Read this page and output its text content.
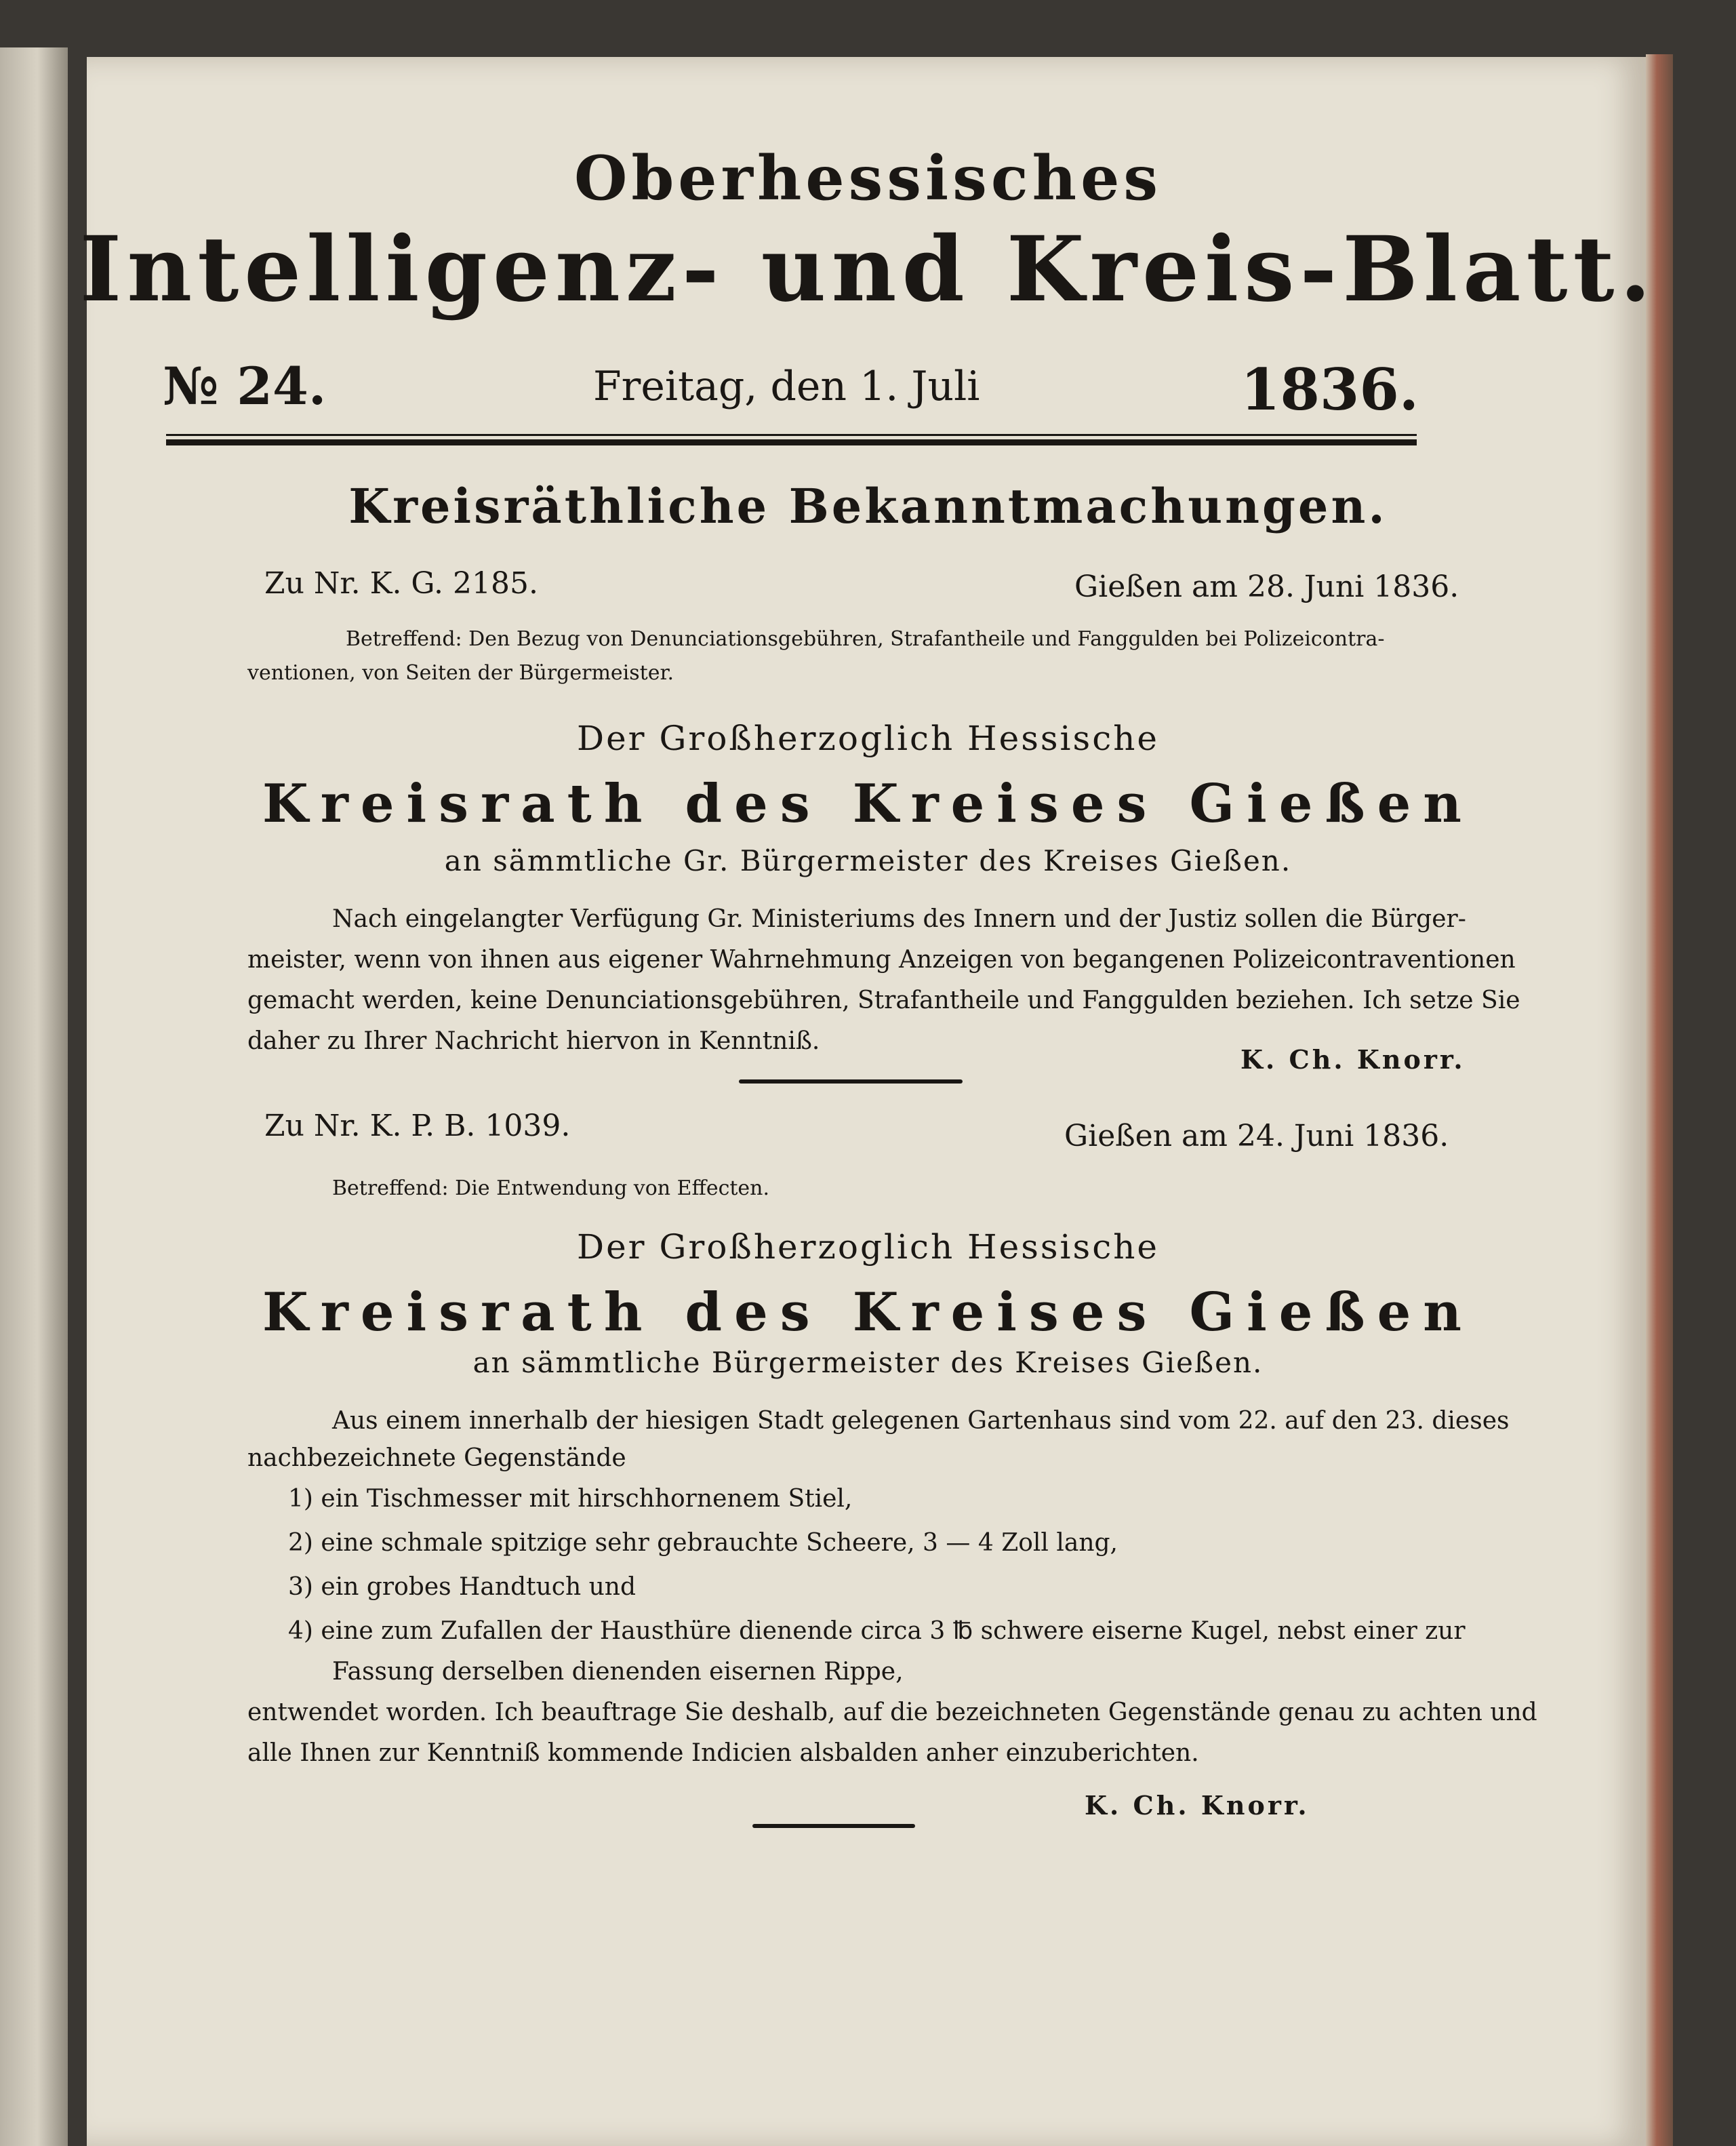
Oberhessisches
Intelligenz- und Kreis-Blatt.
№ 24.	Freitag, den 1. Juli	1836.
Kreisräthliche Bekanntmachungen.
Zu Nr. K. G. 2185.	Gießen am 28. Juni 1836.
Betreffend: Den Bezug von Denunciationsgebühren, Strafantheile und Fanggulden bei Polizeicontra-
ventionen, von Seiten der Bürgermeister.
Der Großherzoglich Hessische
Kreisrath des Kreises Gießen
an sämmtliche Gr. Bürgermeister des Kreises Gießen.
Nach eingelangter Verfügung Gr. Ministeriums des Innern und der Justiz sollen die Bürger-
meister, wenn von ihnen aus eigener Wahrnehmung Anzeigen von begangenen Polizeicontraventionen
gemacht werden, keine Denunciationsgebühren, Strafantheile und Fanggulden beziehen. Ich setze Sie
daher zu Ihrer Nachricht hiervon in Kenntniß.
K. Ch. Knorr.
Zu Nr. K. P. B. 1039.	Gießen am 24. Juni 1836.
Betreffend: Die Entwendung von Effecten.
Der Großherzoglich Hessische
Kreisrath des Kreises Gießen
an sämmtliche Bürgermeister des Kreises Gießen.
Aus einem innerhalb der hiesigen Stadt gelegenen Gartenhaus sind vom 22. auf den 23. dieses
nachbezeichnete Gegenstände
1) ein Tischmesser mit hirschhornenem Stiel,
2) eine schmale spitzige sehr gebrauchte Scheere, 3 — 4 Zoll lang,
3) ein grobes Handtuch und
4) eine zum Zufallen der Hausthüre dienende circa 3 ℔ schwere eiserne Kugel, nebst einer zur
Fassung derselben dienenden eisernen Rippe,
entwendet worden. Ich beauftrage Sie deshalb, auf die bezeichneten Gegenstände genau zu achten und
alle Ihnen zur Kenntniß kommende Indicien alsbalden anher einzuberichten.
K. Ch. Knorr.
